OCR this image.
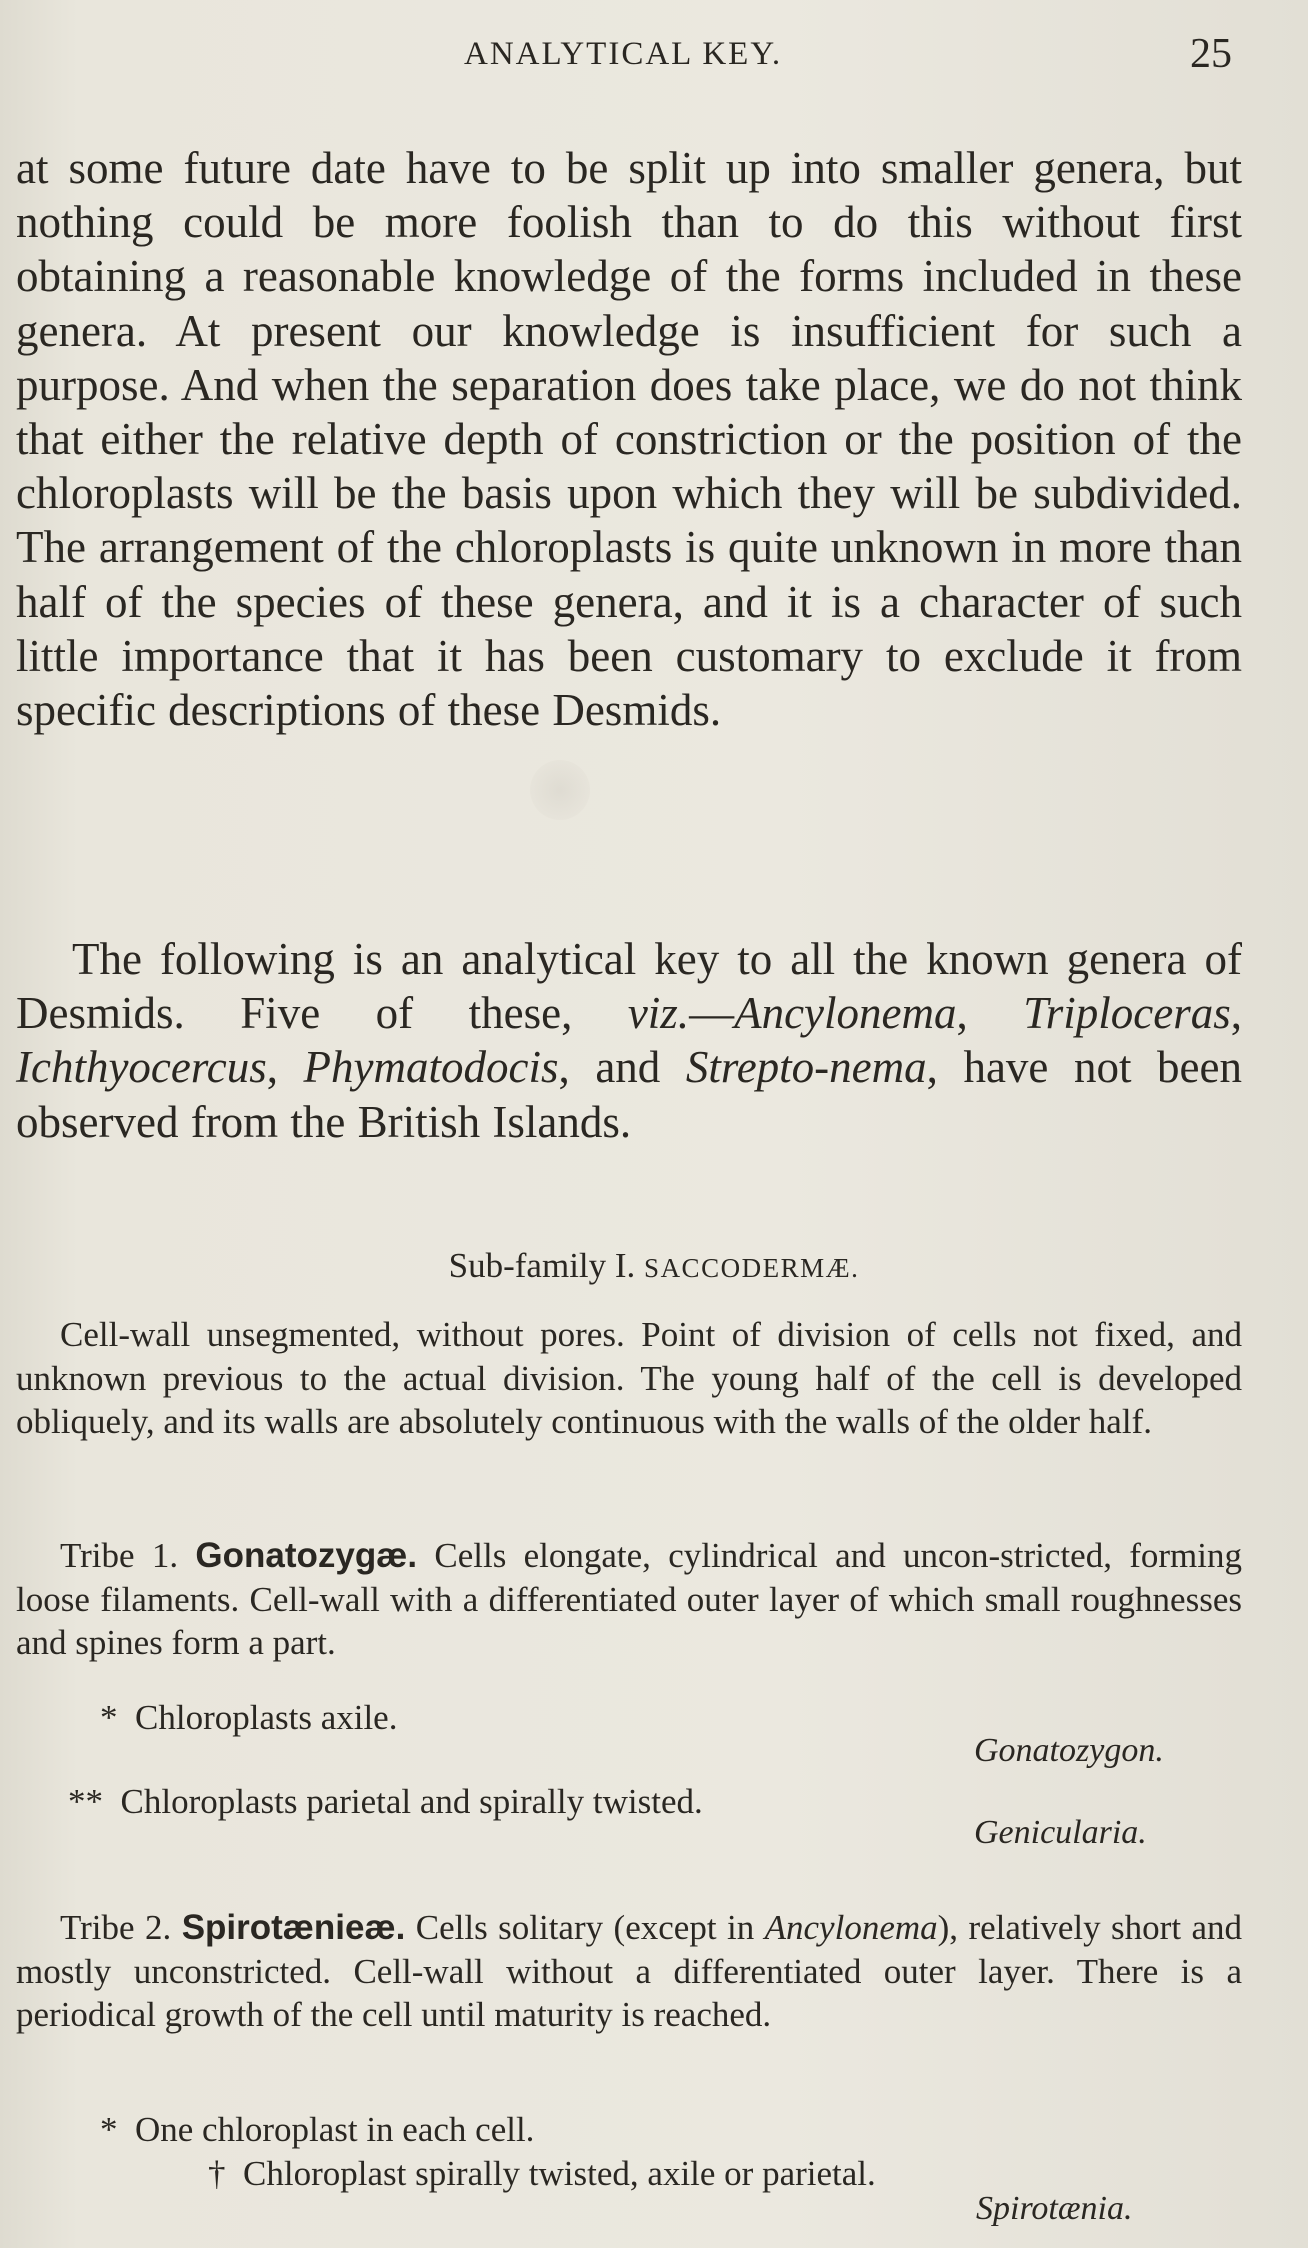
ANALYTICAL KEY.	25

at some future date have to be split up into smaller genera, but nothing could be more foolish than to do this without first obtaining a reasonable knowledge of the forms included in these genera. At present our knowledge is insufficient for such a purpose. And when the separation does take place, we do not think that either the relative depth of constriction or the position of the chloroplasts will be the basis upon which they will be subdivided. The arrangement of the chloroplasts is quite unknown in more than half of the species of these genera, and it is a character of such little importance that it has been customary to exclude it from specific descriptions of these Desmids.

The following is an analytical key to all the known genera of Desmids. Five of these, viz.—Ancylonema, Triploceras, Ichthyocercus, Phymatodocis, and Strepto-nema, have not been observed from the British Islands.

Sub-family I. SACCODERMÆ.

Cell-wall unsegmented, without pores. Point of division of cells not fixed, and unknown previous to the actual division. The young half of the cell is developed obliquely, and its walls are absolutely continuous with the walls of the older half.

Tribe 1. Gonatozygæ. Cells elongate, cylindrical and uncon-stricted, forming loose filaments. Cell-wall with a differentiated outer layer of which small roughnesses and spines form a part.

* Chloroplasts axile.
Gonatozygon.
** Chloroplasts parietal and spirally twisted.
Genicularia.

Tribe 2. Spirotænieæ. Cells solitary (except in Ancylonema), relatively short and mostly unconstricted. Cell-wall without a differentiated outer layer. There is a periodical growth of the cell until maturity is reached.

* One chloroplast in each cell.
† Chloroplast spirally twisted, axile or parietal.
Spirotænia.
